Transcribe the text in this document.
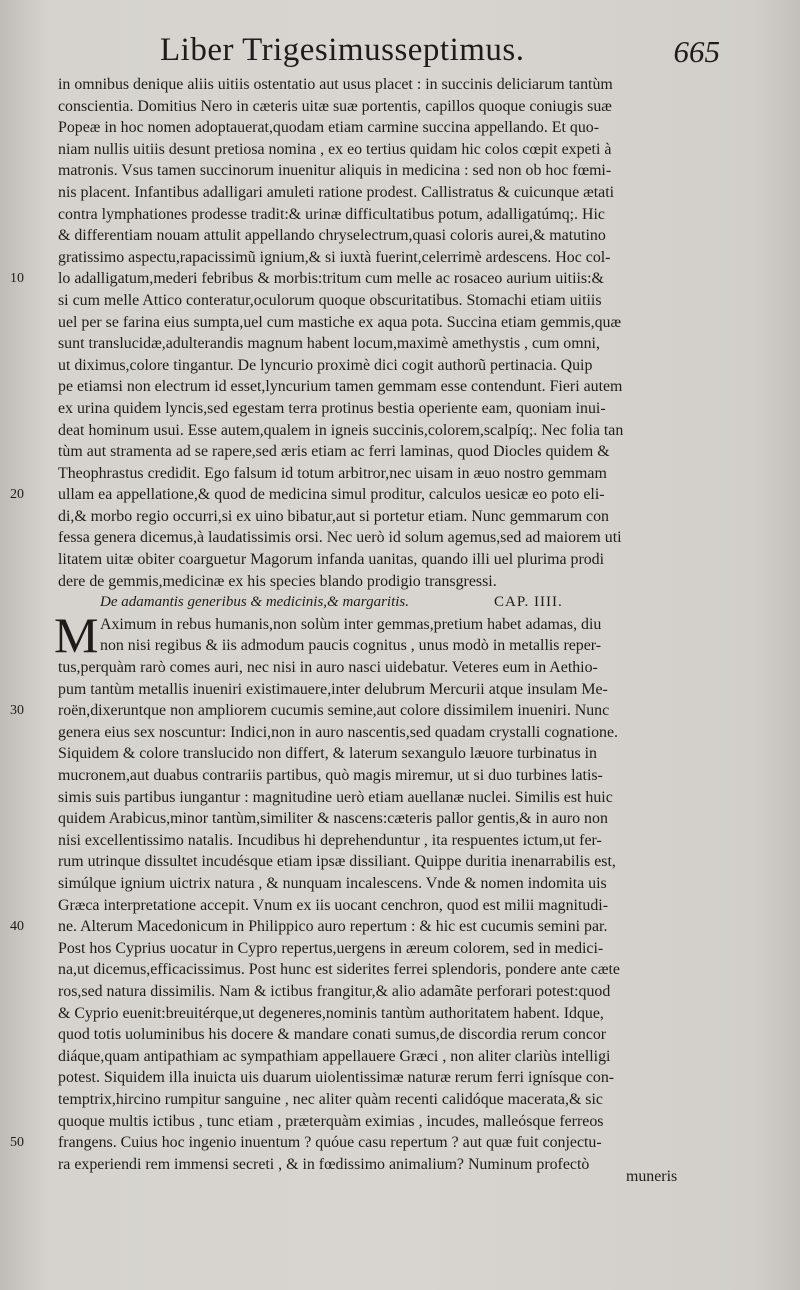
Liber Trigesimusseptimus.	665
10
20
30
40
50
in omnibus denique aliis uitiis ostentatio aut usus placet : in succinis deliciarum tantùm
conscientia. Domitius Nero in cæteris uitæ suæ portentis, capillos quoque coniugis suæ
Popeæ in hoc nomen adoptauerat,quodam etiam carmine succina appellando. Et quo-
niam nullis uitiis desunt pretiosa nomina , ex eo tertius quidam hic colos cœpit expeti à
matronis. Vsus tamen succinorum inuenitur aliquis in medicina : sed non ob hoc fœmi-
nis placent. Infantibus adalligari amuleti ratione prodest. Callistratus & cuicunque ætati
contra lymphationes prodesse tradit:& urinæ difficultatibus potum, adalligatúmq;. Hic
& differentiam nouam attulit appellando chryselectrum,quasi coloris aurei,& matutino
gratissimo aspectu,rapacissimũ ignium,& si iuxtà fuerint,celerrimè ardescens. Hoc col-
lo adalligatum,mederi febribus & morbis:tritum cum melle ac rosaceo aurium uitiis:&
si cum melle Attico conteratur,oculorum quoque obscuritatibus. Stomachi etiam uitiis
uel per se farina eius sumpta,uel cum mastiche ex aqua pota. Succina etiam gemmis,quæ
sunt translucidæ,adulterandis magnum habent locum,maximè amethystis , cum omni,
ut diximus,colore tingantur. De lyncurio proximè dici cogit authorũ pertinacia. Quip
pe etiamsi non electrum id esset,lyncurium tamen gemmam esse contendunt. Fieri autem
ex urina quidem lyncis,sed egestam terra protinus bestia operiente eam, quoniam inui-
deat hominum usui. Esse autem,qualem in igneis succinis,colorem,scalpíq;. Nec folia tan
tùm aut stramenta ad se rapere,sed æris etiam ac ferri laminas, quod Diocles quidem &
Theophrastus credidit. Ego falsum id totum arbitror,nec uisam in æuo nostro gemmam
ullam ea appellatione,& quod de medicina simul proditur, calculos uesicæ eo poto eli-
di,& morbo regio occurri,si ex uino bibatur,aut si portetur etiam. Nunc gemmarum con
fessa genera dicemus,à laudatissimis orsi. Nec uerò id solum agemus,sed ad maiorem uti
litatem uitæ obiter coarguetur Magorum infanda uanitas, quando illi uel plurima prodi
dere de gemmis,medicinæ ex his species blando prodigio transgressi.
De adamantis generibus & medicinis,& margaritis.	CAP. IIII.
M Aximum in rebus humanis,non solùm inter gemmas,pretium habet adamas, diu
non nisi regibus & iis admodum paucis cognitus , unus modò in metallis reper-
tus,perquàm rarò comes auri, nec nisi in auro nasci uidebatur. Veteres eum in Aethio-
pum tantùm metallis inueniri existimauere,inter delubrum Mercurii atque insulam Me-
roën,dixeruntque non ampliorem cucumis semine,aut colore dissimilem inueniri. Nunc
genera eius sex noscuntur: Indici,non in auro nascentis,sed quadam crystalli cognatione.
Siquidem & colore translucido non differt, & laterum sexangulo læuore turbinatus in
mucronem,aut duabus contrariis partibus, quò magis miremur, ut si duo turbines latis-
simis suis partibus iungantur : magnitudine uerò etiam auellanæ nuclei. Similis est huic
quidem Arabicus,minor tantùm,similiter & nascens:cæteris pallor gentis,& in auro non
nisi excellentissimo natalis. Incudibus hi deprehenduntur , ita respuentes ictum,ut fer-
rum utrinque dissultet incudésque etiam ipsæ dissiliant. Quippe duritia inenarrabilis est,
simúlque ignium uictrix natura , & nunquam incalescens. Vnde & nomen indomita uis
Græca interpretatione accepit. Vnum ex iis uocant cenchron, quod est milii magnitudi-
ne. Alterum Macedonicum in Philippico auro repertum : & hic est cucumis semini par.
Post hos Cyprius uocatur in Cypro repertus,uergens in æreum colorem, sed in medici-
na,ut dicemus,efficacissimus. Post hunc est siderites ferrei splendoris, pondere ante cæte
ros,sed natura dissimilis. Nam & ictibus frangitur,& alio adamãte perforari potest:quod
& Cyprio euenit:breuitérque,ut degeneres,nominis tantùm authoritatem habent. Idque,
quod totis uoluminibus his docere & mandare conati sumus,de discordia rerum concor
diáque,quam antipathiam ac sympathiam appellauere Græci , non aliter clariùs intelligi
potest. Siquidem illa inuicta uis duarum uiolentissimæ naturæ rerum ferri ignísque con-
temptrix,hircino rumpitur sanguine , nec aliter quàm recenti calidóque macerata,& sic
quoque multis ictibus , tunc etiam , præterquàm eximias , incudes, malleósque ferreos
frangens. Cuius hoc ingenio inuentum ? quóue casu repertum ? aut quæ fuit conjectu-
ra experiendi rem immensi secreti , & in fœdissimo animalium? Numinum profectò
muneris
